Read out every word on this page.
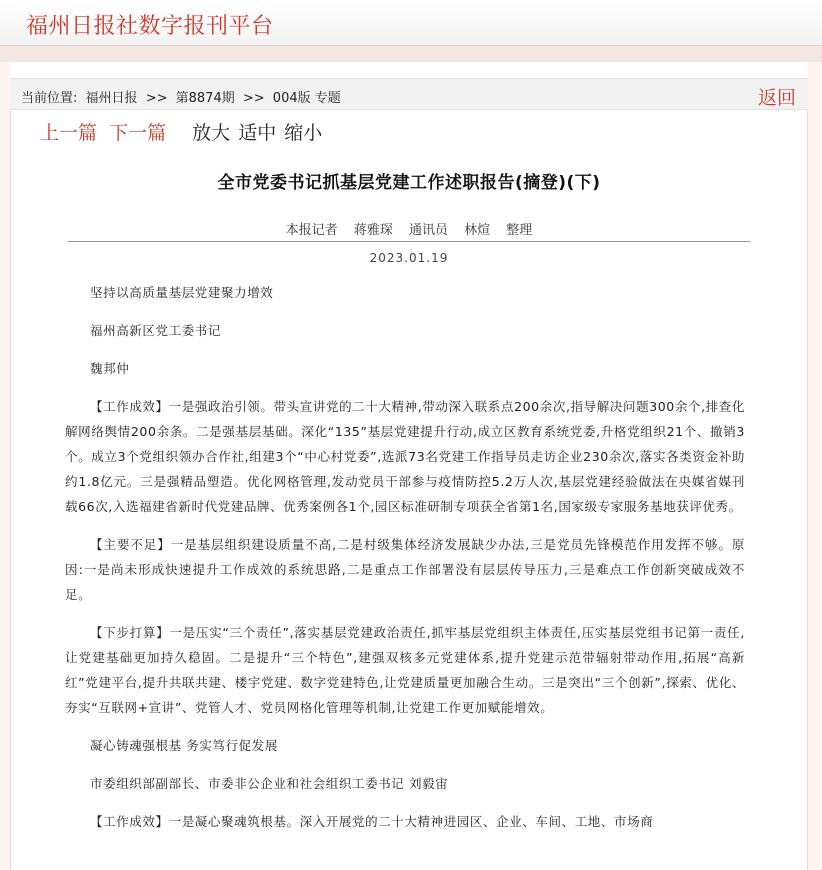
福州日报社数字报刊平台
当前位置: 福州日报 >> 第8874期 >> 004版 专题	返回
上一篇 下一篇 放大 适中 缩小
全市党委书记抓基层党建工作述职报告(摘登)(下)
本报记者 蒋雅琛 通讯员 林煊 整理
2023.01.19

坚持以高质量基层党建聚力增效

福州高新区党工委书记

魏邦仲

【工作成效】一是强政治引领。带头宣讲党的二十大精神,带动深入联系点200余次,指导解决问题300余个,排查化解网络舆情200余条。二是强基层基础。深化“135”基层党建提升行动,成立区教育系统党委,升格党组织21个、撤销3个。成立3个党组织领办合作社,组建3个“中心村党委”,选派73名党建工作指导员走访企业230余次,落实各类资金补助约1.8亿元。三是强精品塑造。优化网格管理,发动党员干部参与疫情防控5.2万人次,基层党建经验做法在央媒省媒刊载66次,入选福建省新时代党建品牌、优秀案例各1个,园区标准研制专项获全省第1名,国家级专家服务基地获评优秀。

【主要不足】一是基层组织建设质量不高,二是村级集体经济发展缺少办法,三是党员先锋模范作用发挥不够。原因:一是尚未形成快速提升工作成效的系统思路,二是重点工作部署没有层层传导压力,三是难点工作创新突破成效不足。

【下步打算】一是压实“三个责任”,落实基层党建政治责任,抓牢基层党组织主体责任,压实基层党组书记第一责任,让党建基础更加持久稳固。二是提升“三个特色”,建强双核多元党建体系,提升党建示范带辐射带动作用,拓展“高新红”党建平台,提升共联共建、楼宇党建、数字党建特色,让党建质量更加融合生动。三是突出“三个创新”,探索、优化、夯实“互联网+宣讲”、党管人才、党员网格化管理等机制,让党建工作更加赋能增效。

凝心铸魂强根基 务实笃行促发展

市委组织部副部长、市委非公企业和社会组织工委书记 刘毅宙

【工作成效】一是凝心聚魂筑根基。深入开展党的二十大精神进园区、企业、车间、工地、市场商
